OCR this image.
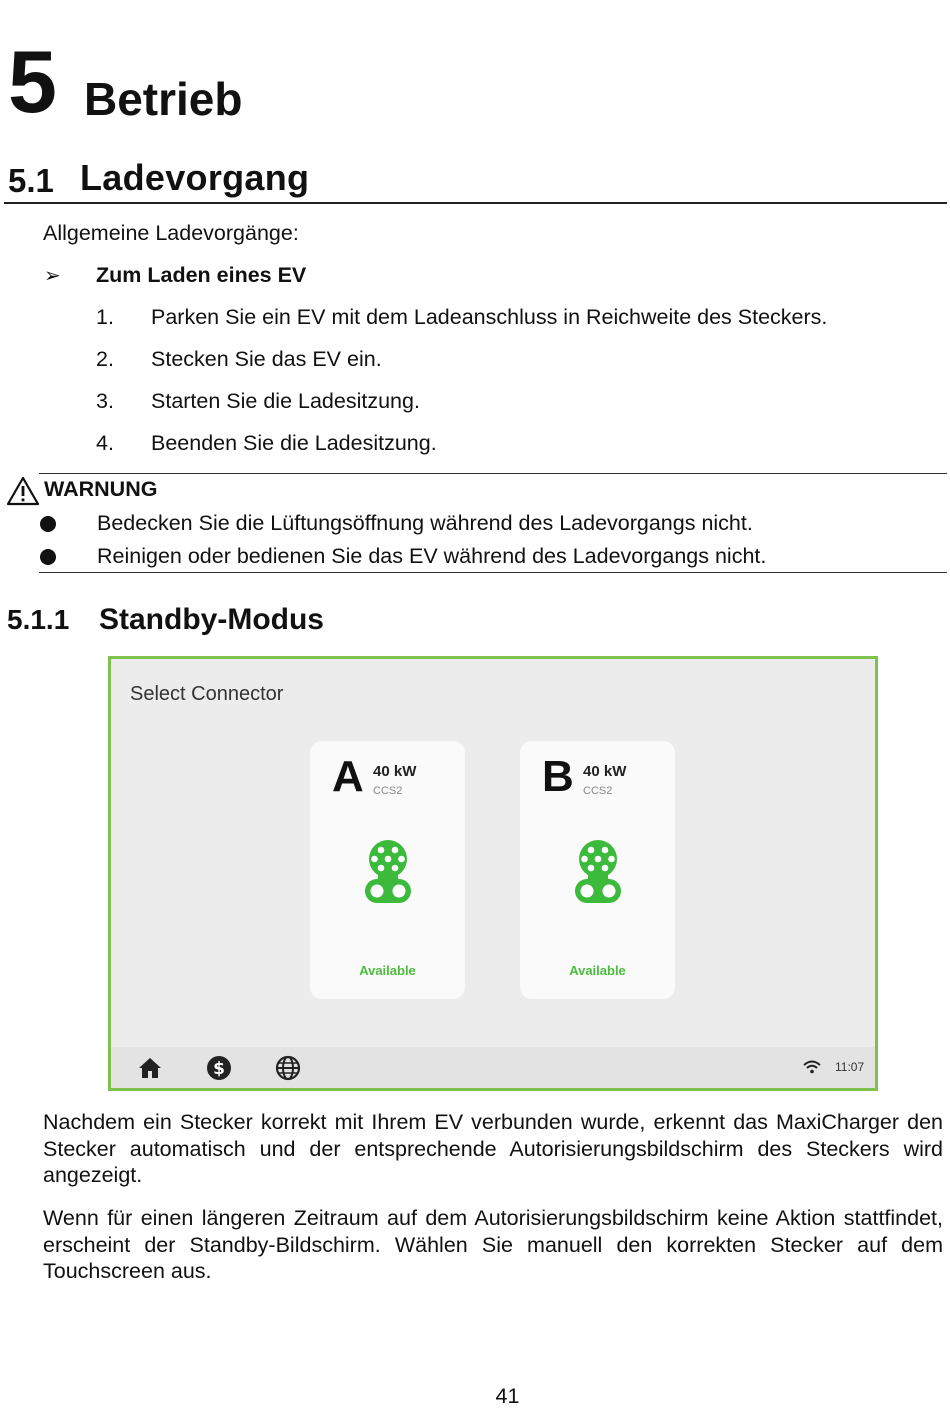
5 Betrieb
5.1 Ladevorgang
Allgemeine Ladevorgänge:
➢ Zum Laden eines EV
1. Parken Sie ein EV mit dem Ladeanschluss in Reichweite des Steckers.
2. Stecken Sie das EV ein.
3. Starten Sie die Ladesitzung.
4. Beenden Sie die Ladesitzung.
WARNUNG
Bedecken Sie die Lüftungsöffnung während des Ladevorgangs nicht.
Reinigen oder bedienen Sie das EV während des Ladevorgangs nicht.
5.1.1 Standby-Modus
Select Connector
A 40 kW
CCS2
Available
B 40 kW
CCS2
Available
$	11:07
Nachdem ein Stecker korrekt mit Ihrem EV verbunden wurde, erkennt das MaxiCharger den Stecker automatisch und der entsprechende Autorisierungsbildschirm des Steckers wird angezeigt.
Wenn für einen längeren Zeitraum auf dem Autorisierungsbildschirm keine Aktion stattfindet, erscheint der Standby-Bildschirm. Wählen Sie manuell den korrekten Stecker auf dem Touchscreen aus.
41
